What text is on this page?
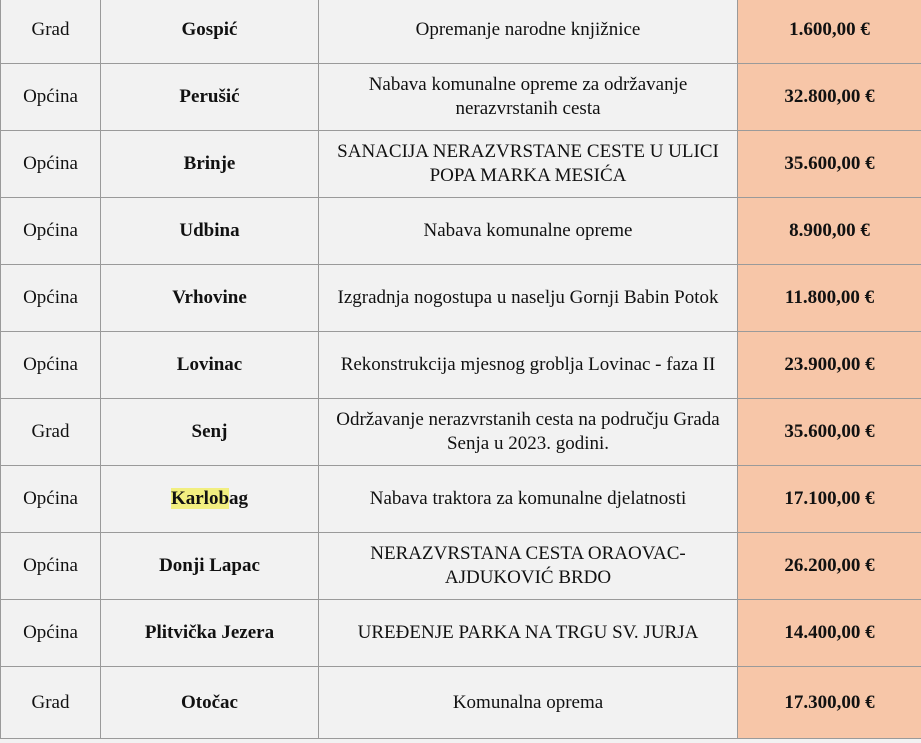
Grad	Gospić	Opremanje narodne knjižnice	1.600,00 €
Općina	Perušić	Nabava komunalne opreme za održavanje nerazvrstanih cesta	32.800,00 €
Općina	Brinje	SANACIJA NERAZVRSTANE CESTE U ULICI POPA MARKA MESIĆA	35.600,00 €
Općina	Udbina	Nabava komunalne opreme	8.900,00 €
Općina	Vrhovine	Izgradnja nogostupa u naselju Gornji Babin Potok	11.800,00 €
Općina	Lovinac	Rekonstrukcija mjesnog groblja Lovinac - faza II	23.900,00 €
Grad	Senj	Održavanje nerazvrstanih cesta na području Grada Senja u 2023. godini.	35.600,00 €
Općina	Karlobag	Nabava traktora za komunalne djelatnosti	17.100,00 €
Općina	Donji Lapac	NERAZVRSTANA CESTA ORAOVAC-AJDUKOVIĆ BRDO	26.200,00 €
Općina	Plitvička Jezera	UREĐENJE PARKA NA TRGU SV. JURJA	14.400,00 €
Grad	Otočac	Komunalna oprema	17.300,00 €
